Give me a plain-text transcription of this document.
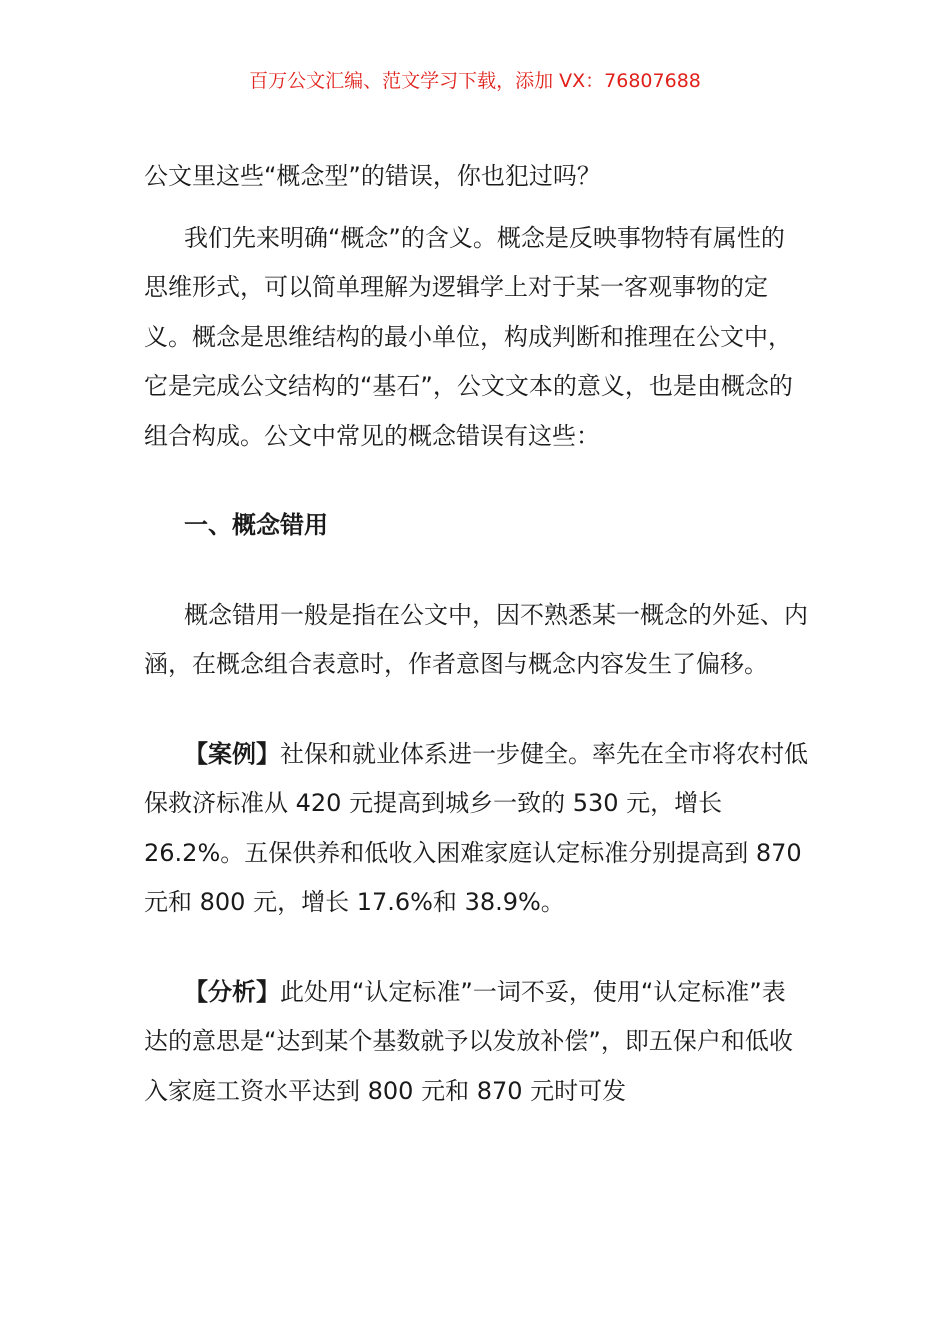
百万公文汇编、范文学习下载，添加 VX：76807688

公文里这些“概念型”的错误，你也犯过吗？

我们先来明确“概念”的含义。概念是反映事物特有属性的思维形式，可以简单理解为逻辑学上对于某一客观事物的定义。概念是思维结构的最小单位，构成判断和推理在公文中，它是完成公文结构的“基石”，公文文本的意义，也是由概念的组合构成。公文中常见的概念错误有这些：

一、概念错用

概念错用一般是指在公文中，因不熟悉某一概念的外延、内涵，在概念组合表意时，作者意图与概念内容发生了偏移。

【案例】社保和就业体系进一步健全。率先在全市将农村低保救济标准从 420 元提高到城乡一致的 530 元，增长 26.2%。五保供养和低收入困难家庭认定标准分别提高到 870 元和 800 元，增长 17.6%和 38.9%。

【分析】此处用“认定标准”一词不妥，使用“认定标准”表达的意思是“达到某个基数就予以发放补偿”，即五保户和低收入家庭工资水平达到 800 元和 870 元时可发
